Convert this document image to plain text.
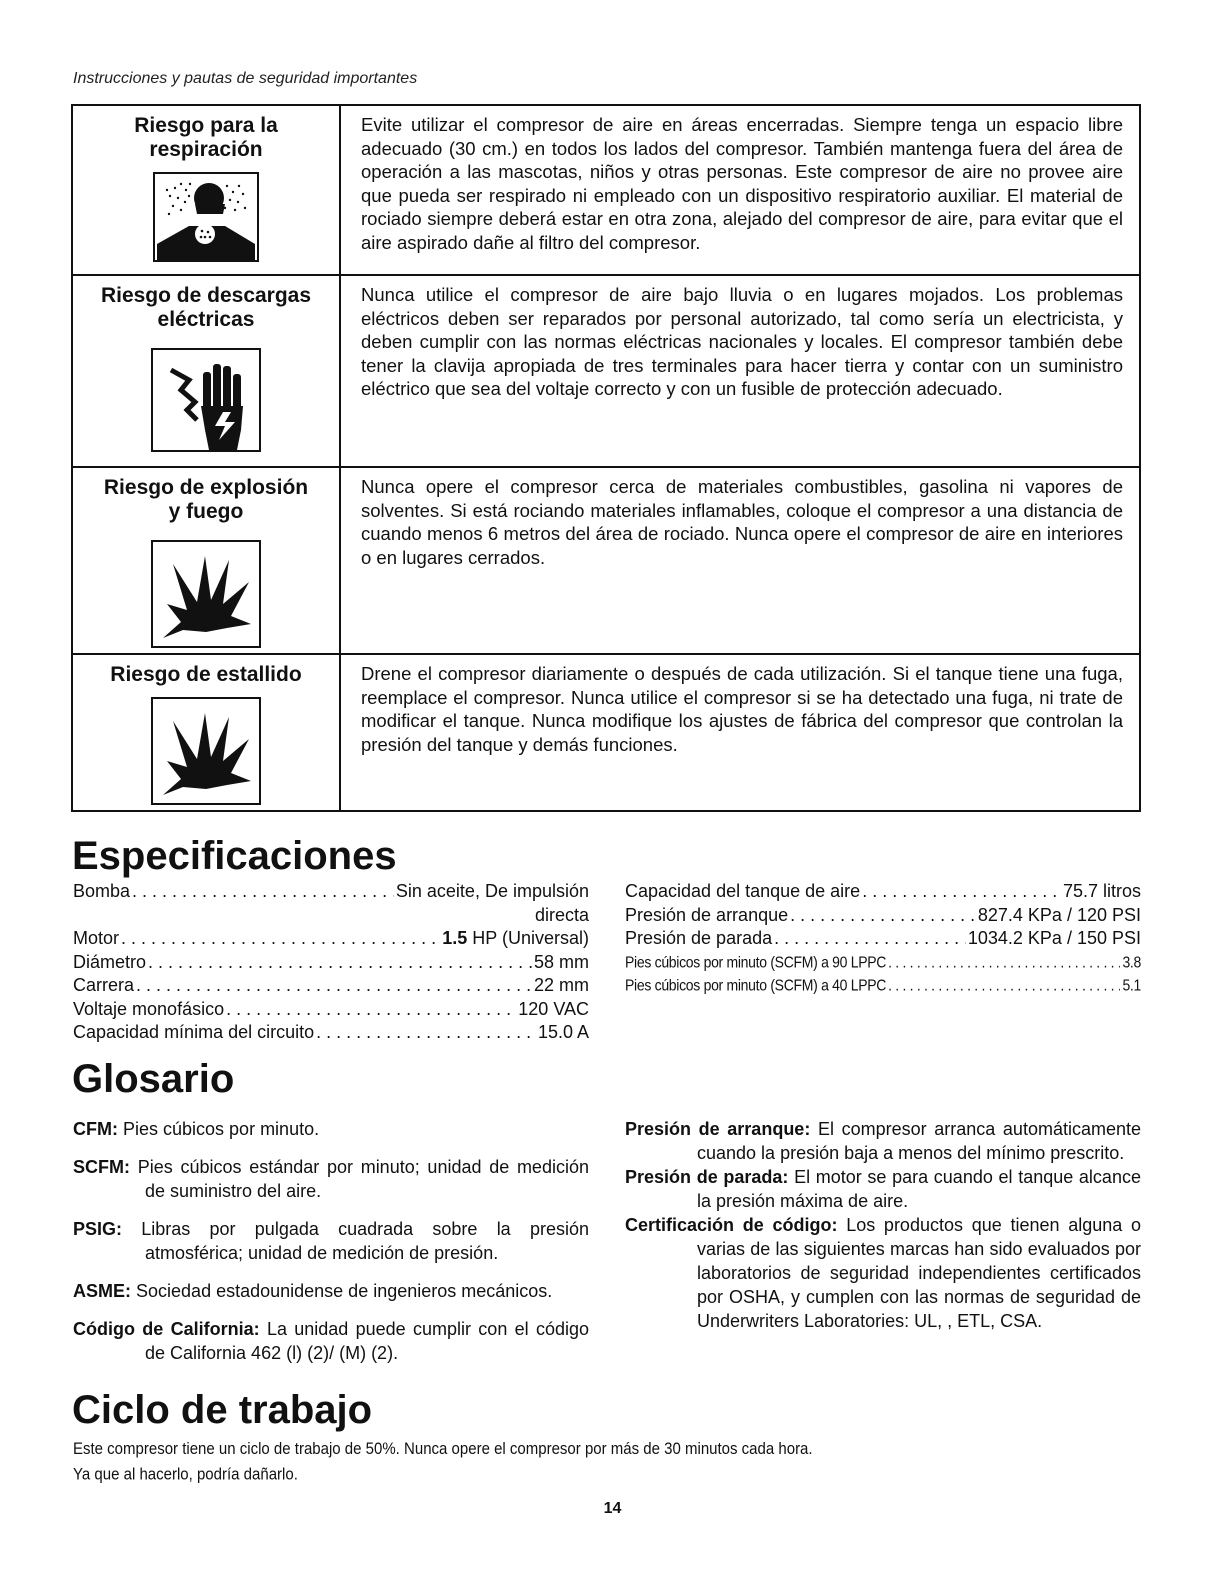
Instrucciones y pautas de seguridad importantes
Riesgo para la respiración	Evite utilizar el compresor de aire en áreas encerradas. Siempre tenga un espacio libre adecuado (30 cm.) en todos los lados del compresor. También mantenga fuera del área de operación a las mascotas, niños y otras personas. Este compresor de aire no provee aire que pueda ser respirado ni empleado con un dispositivo respiratorio auxiliar. El material de rociado siempre deberá estar en otra zona, alejado del compresor de aire, para evitar que el aire aspirado dañe al filtro del compresor.

Riesgo de descargas eléctricas	Nunca utilice el compresor de aire bajo lluvia o en lugares mojados. Los problemas eléctricos deben ser reparados por personal autorizado, tal como sería un electricista, y deben cumplir con las normas eléctricas nacionales y locales. El compresor también debe tener la clavija apropiada de tres terminales para hacer tierra y contar con un suministro eléctrico que sea del voltaje correcto y con un fusible de protección adecuado.

Riesgo de explosión y fuego	Nunca opere el compresor cerca de materiales combustibles, gasolina ni vapores de solventes. Si está rociando materiales inflamables, coloque el compresor a una distancia de cuando menos 6 metros del área de rociado. Nunca opere el compresor de aire en interiores o en lugares cerrados.

Riesgo de estallido	Drene el compresor diariamente o después de cada utilización. Si el tanque tiene una fuga, reemplace el compresor. Nunca utilice el compresor si se ha detectado una fuga, ni trate de modificar el tanque. Nunca modifique los ajustes de fábrica del compresor que controlan la presión del tanque y demás funciones.
Especificaciones
Bomba . . .	Sin aceite, De impulsión
directa
Motor . . .	1.5 HP (Universal)
Diámetro . . .	58 mm
Carrera . . .	22 mm
Voltaje monofásico . . .	120 VAC
Capacidad mínima del circuito . . .	15.0 A
Capacidad del tanque de aire . . .	75.7 litros
Presión de arranque . . .	827.4 KPa / 120 PSI
Presión de parada . . .	1034.2 KPa / 150 PSI
Pies cúbicos por minuto (SCFM) a 90 LPPC . . .	3.8
Pies cúbicos por minuto (SCFM) a 40 LPPC . . .	5.1
Glosario
CFM: Pies cúbicos por minuto.
SCFM: Pies cúbicos estándar por minuto; unidad de medición de suministro del aire.
PSIG: Libras por pulgada cuadrada sobre la presión atmosférica; unidad de medición de presión.
ASME: Sociedad estadounidense de ingenieros mecánicos.
Código de California: La unidad puede cumplir con el código de California 462 (l) (2)/ (M) (2).
Presión de arranque: El compresor arranca automáticamente cuando la presión baja a menos del mínimo prescrito.
Presión de parada: El motor se para cuando el tanque alcance la presión máxima de aire.
Certificación de código: Los productos que tienen alguna o varias de las siguientes marcas han sido evaluados por laboratorios de seguridad independientes certificados por OSHA, y cumplen con las normas de seguridad de Underwriters Laboratories: UL, , ETL, CSA.
Ciclo de trabajo
Este compresor tiene un ciclo de trabajo de 50%. Nunca opere el compresor por más de 30 minutos cada hora.
Ya que al hacerlo, podría dañarlo.
14
